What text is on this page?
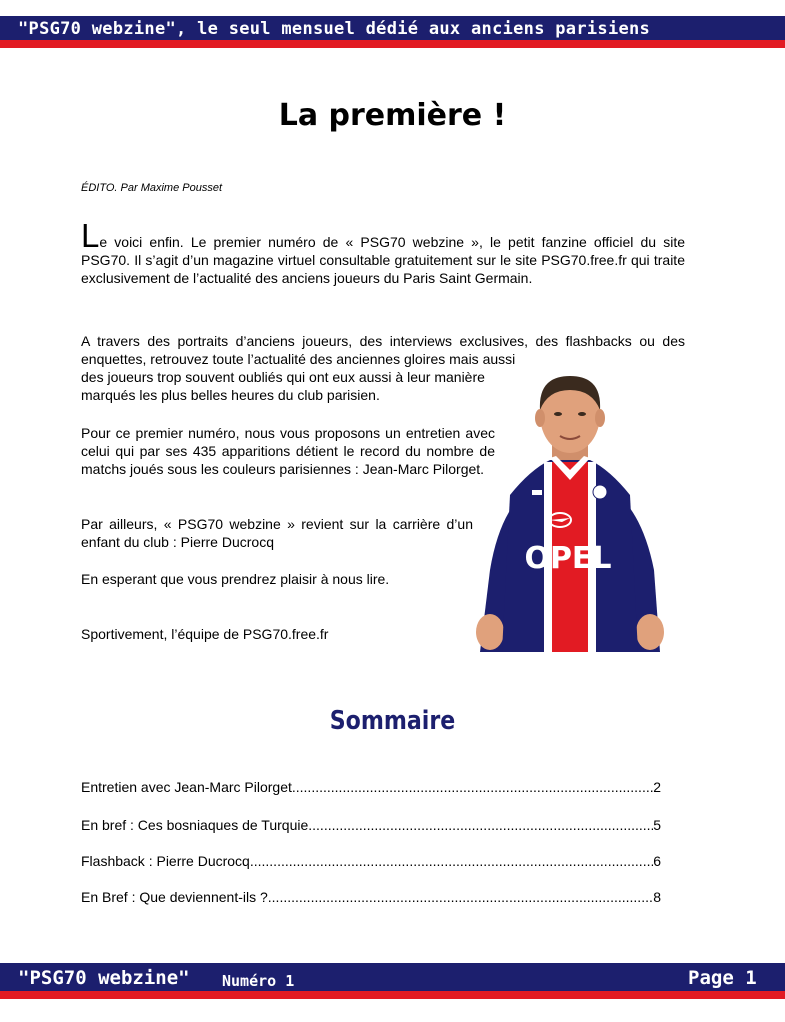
"PSG70 webzine", le seul mensuel dédié aux anciens parisiens
La première !
ÉDITO. Par Maxime Pousset
Le voici enfin. Le premier numéro de « PSG70 webzine », le petit fanzine officiel du site PSG70. Il s’agit d’un magazine virtuel consultable gratuitement sur le site PSG70.free.fr qui traite exclusivement de l’actualité des anciens joueurs du Paris Saint Germain.
A travers des portraits d’anciens joueurs, des interviews exclusives, des flashbacks ou des enquettes, retrouvez toute l’actualité des anciennes gloires mais aussi
des joueurs trop souvent oubliés qui ont eux aussi à leur manière marqués les plus belles heures du club parisien.
Pour ce premier numéro, nous vous proposons un entretien avec celui qui par ses 435 apparitions détient le record du nombre de matchs joués sous les couleurs parisiennes : Jean-Marc Pilorget.
Par ailleurs, « PSG70 webzine » revient sur la carrière d’un enfant du club : Pierre Ducrocq
En esperant que vous prendrez plaisir à nous lire.
Sportivement, l’équipe de PSG70.free.fr
OPEL
Sommaire
Entretien avec Jean-Marc Pilorget .....	2
En bref : Ces bosniaques de Turquie .....	5
Flashback : Pierre Ducrocq .....	6
En Bref : Que deviennent-ils ? .....	8
"PSG70 webzine" Numéro 1	Page 1
